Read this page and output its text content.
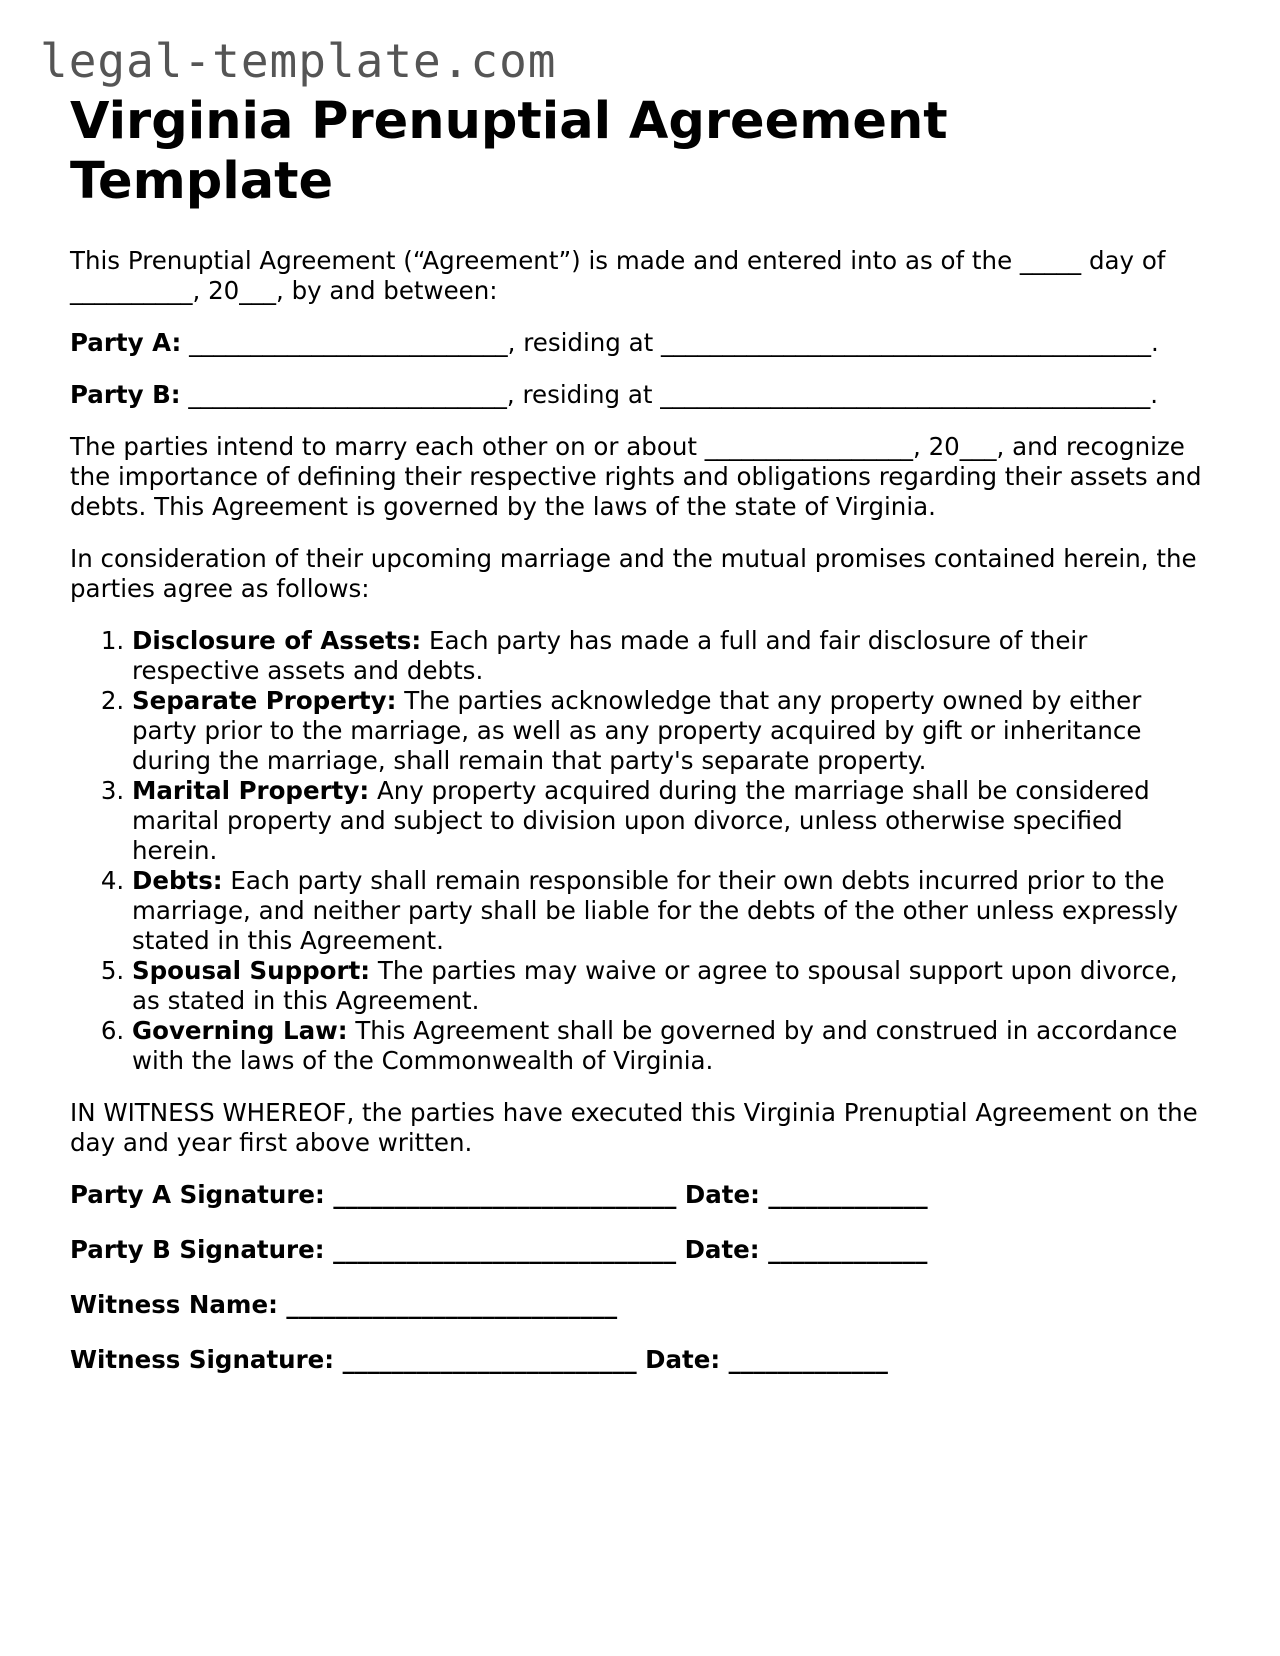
legal-template.com
Virginia Prenuptial Agreement Template

This Prenuptial Agreement (“Agreement”) is made and entered into as of the _____ day of __________, 20___, by and between:

Party A: __________________________, residing at ________________________________________.

Party B: __________________________, residing at ________________________________________.

The parties intend to marry each other on or about _________________, 20___, and recognize the importance of defining their respective rights and obligations regarding their assets and debts. This Agreement is governed by the laws of the state of Virginia.

In consideration of their upcoming marriage and the mutual promises contained herein, the parties agree as follows:

1. Disclosure of Assets: Each party has made a full and fair disclosure of their respective assets and debts.
2. Separate Property: The parties acknowledge that any property owned by either party prior to the marriage, as well as any property acquired by gift or inheritance during the marriage, shall remain that party's separate property.
3. Marital Property: Any property acquired during the marriage shall be considered marital property and subject to division upon divorce, unless otherwise specified herein.
4. Debts: Each party shall remain responsible for their own debts incurred prior to the marriage, and neither party shall be liable for the debts of the other unless expressly stated in this Agreement.
5. Spousal Support: The parties may waive or agree to spousal support upon divorce, as stated in this Agreement.
6. Governing Law: This Agreement shall be governed by and construed in accordance with the laws of the Commonwealth of Virginia.

IN WITNESS WHEREOF, the parties have executed this Virginia Prenuptial Agreement on the day and year first above written.

Party A Signature: ____________________________ Date: _____________
Party B Signature: ____________________________ Date: _____________
Witness Name: ___________________________
Witness Signature: ________________________ Date: _____________
